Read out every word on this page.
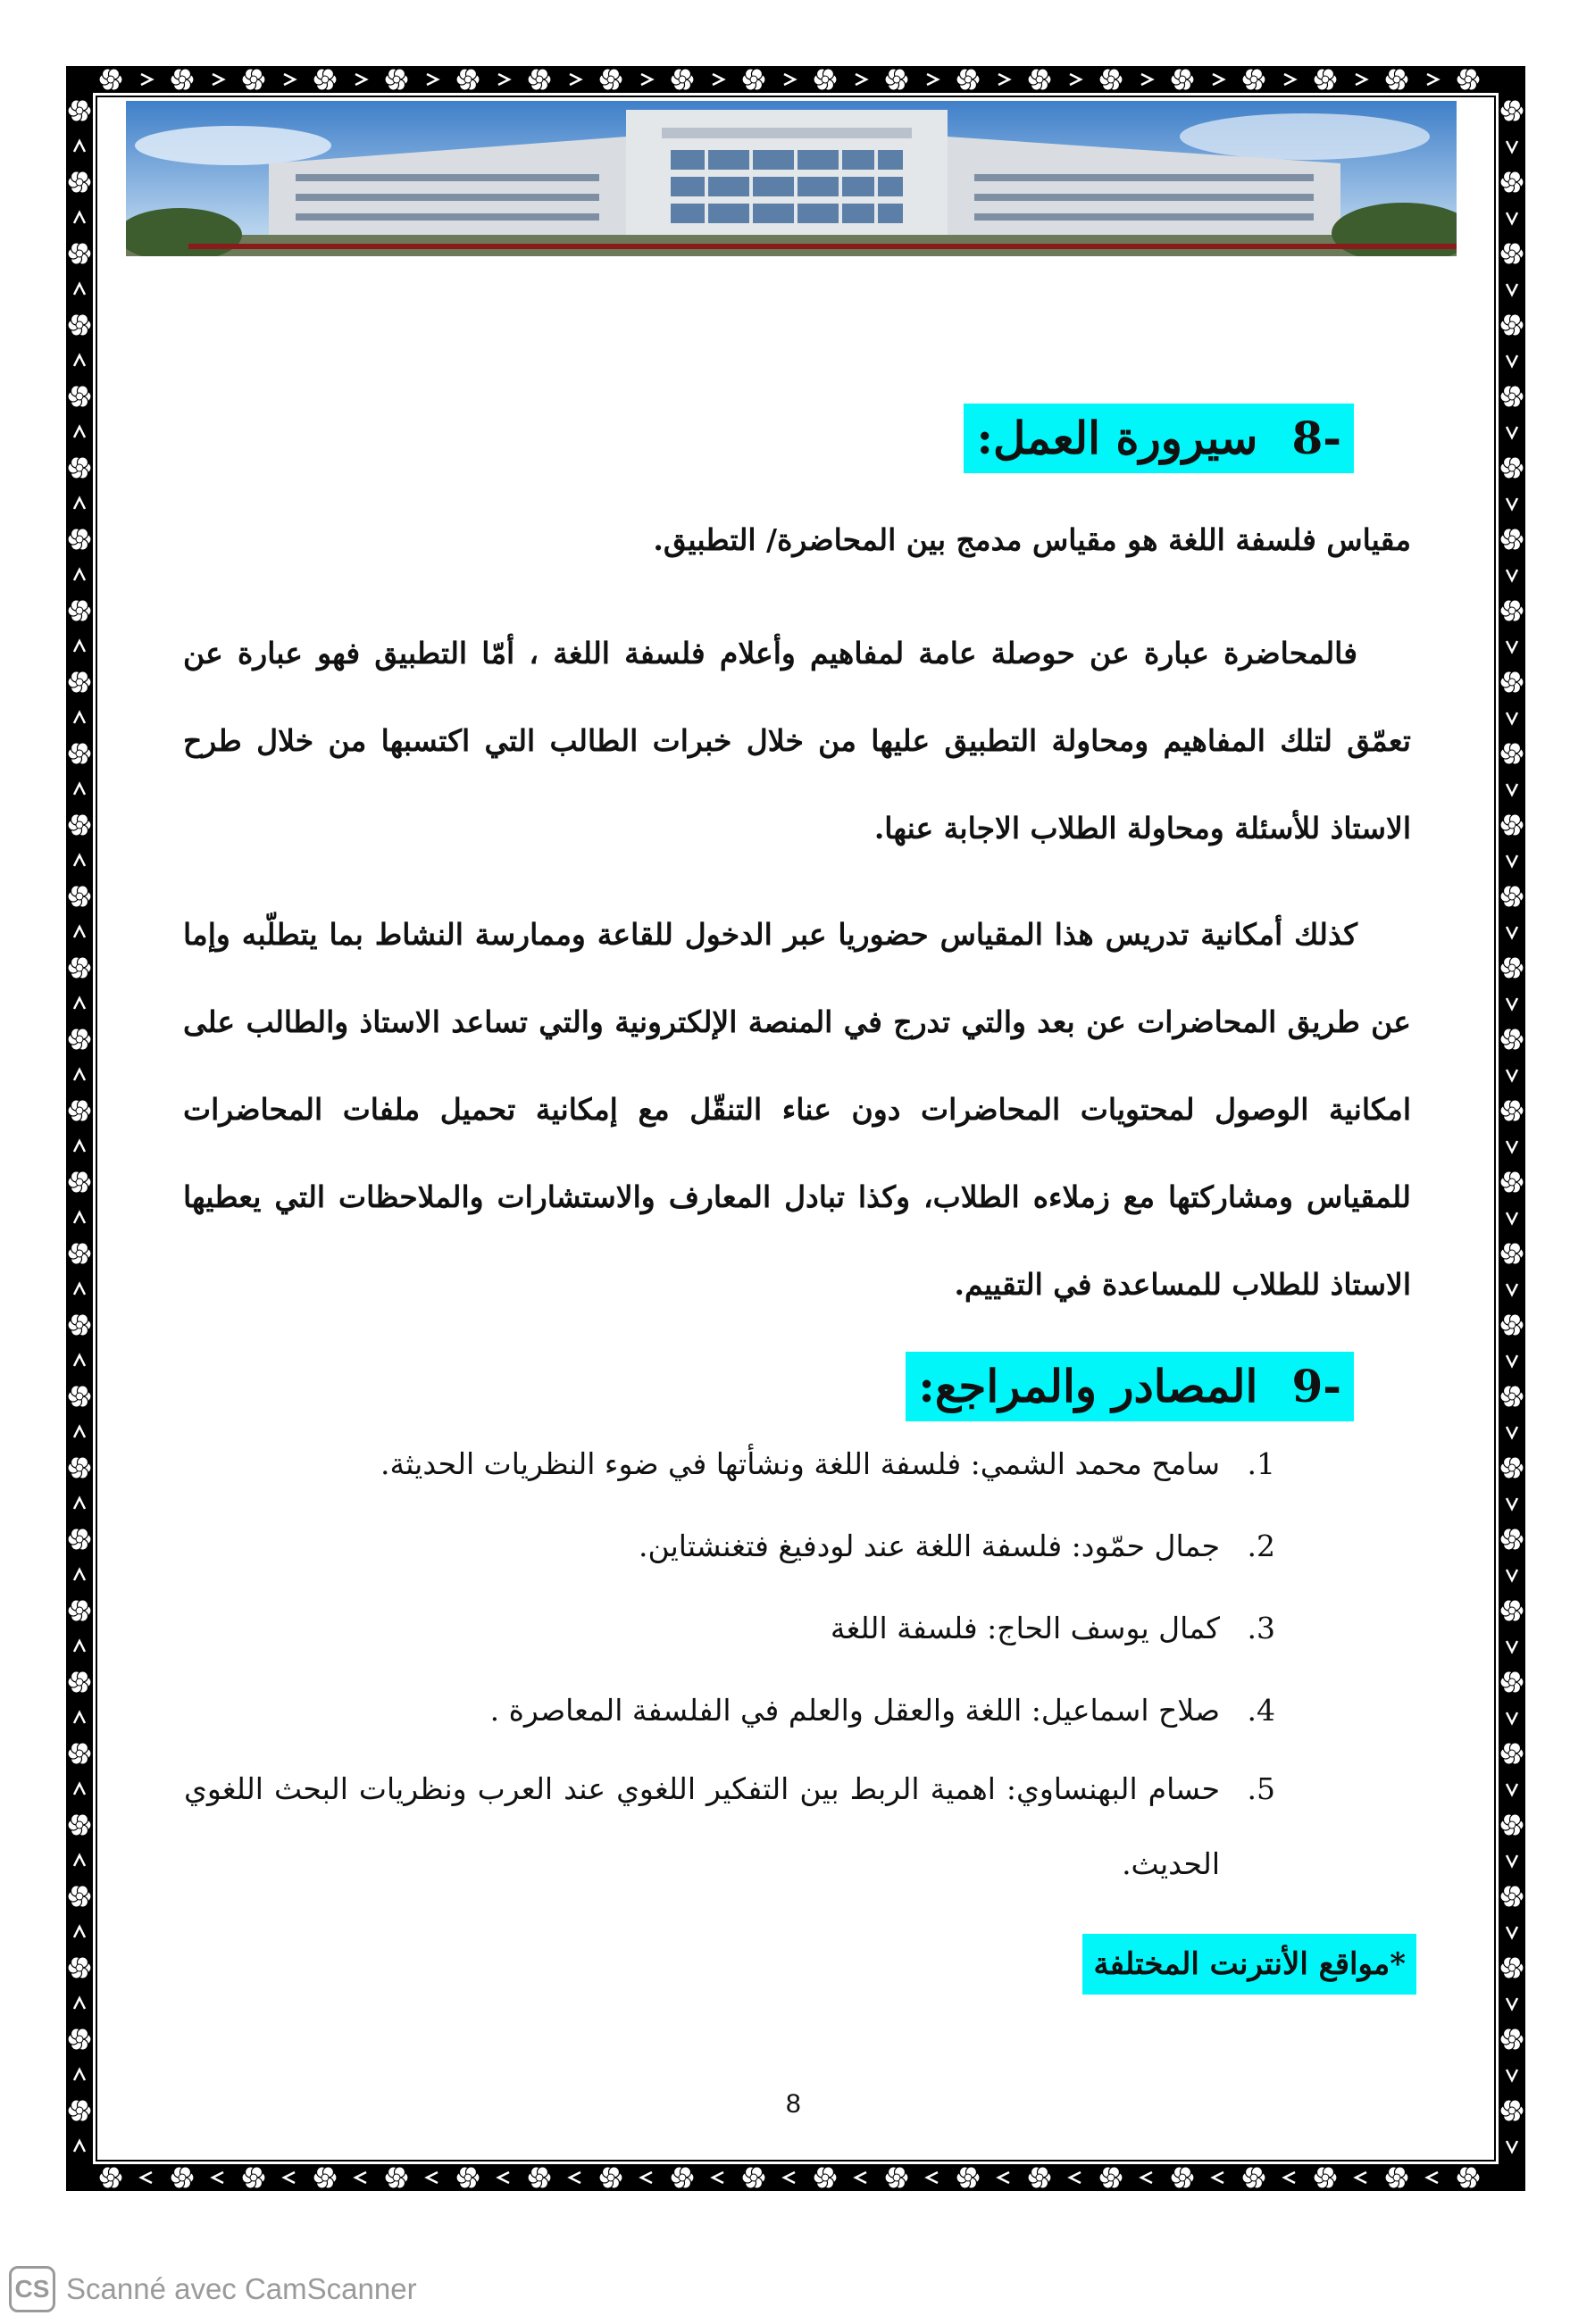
-8سيرورة العمل:

مقياس فلسفة اللغة هو مقياس مدمج بين المحاضرة/ التطبيق.

فالمحاضرة عبارة عن حوصلة عامة لمفاهيم وأعلام فلسفة اللغة ، أمّا التطبيق فهو عبارة عن تعمّق لتلك المفاهيم ومحاولة التطبيق عليها من خلال خبرات الطالب التي اكتسبها من خلال طرح الاستاذ للأسئلة ومحاولة الطلاب الاجابة عنها.

كذلك أمكانية تدريس هذا المقياس حضوريا عبر الدخول للقاعة وممارسة النشاط بما يتطلّبه وإما عن طريق المحاضرات عن بعد والتي تدرج في المنصة الإلكترونية والتي تساعد الاستاذ والطالب على امكانية الوصول لمحتويات المحاضرات دون عناء التنقّل مع إمكانية تحميل ملفات المحاضرات للمقياس ومشاركتها مع زملاءه الطلاب، وكذا تبادل المعارف والاستشارات والملاحظات التي يعطيها الاستاذ للطلاب للمساعدة في التقييم.

-9المصادر والمراجع:
1.
سامح محمد الشمي: فلسفة اللغة ونشأتها في ضوء النظريات الحديثة.
2.
جمال حمّود: فلسفة اللغة عند لودفيغ فتغنشتاين.
3.
كمال يوسف الحاج: فلسفة اللغة
4.
صلاح اسماعيل: اللغة والعقل والعلم في الفلسفة المعاصرة .
5.
حسام البهنساوي: اهمية الربط بين التفكير اللغوي عند العرب ونظريات البحث اللغوي الحديث.
*مواقع الأنترنت المختلفة
8
CS Scanné avec CamScanner
